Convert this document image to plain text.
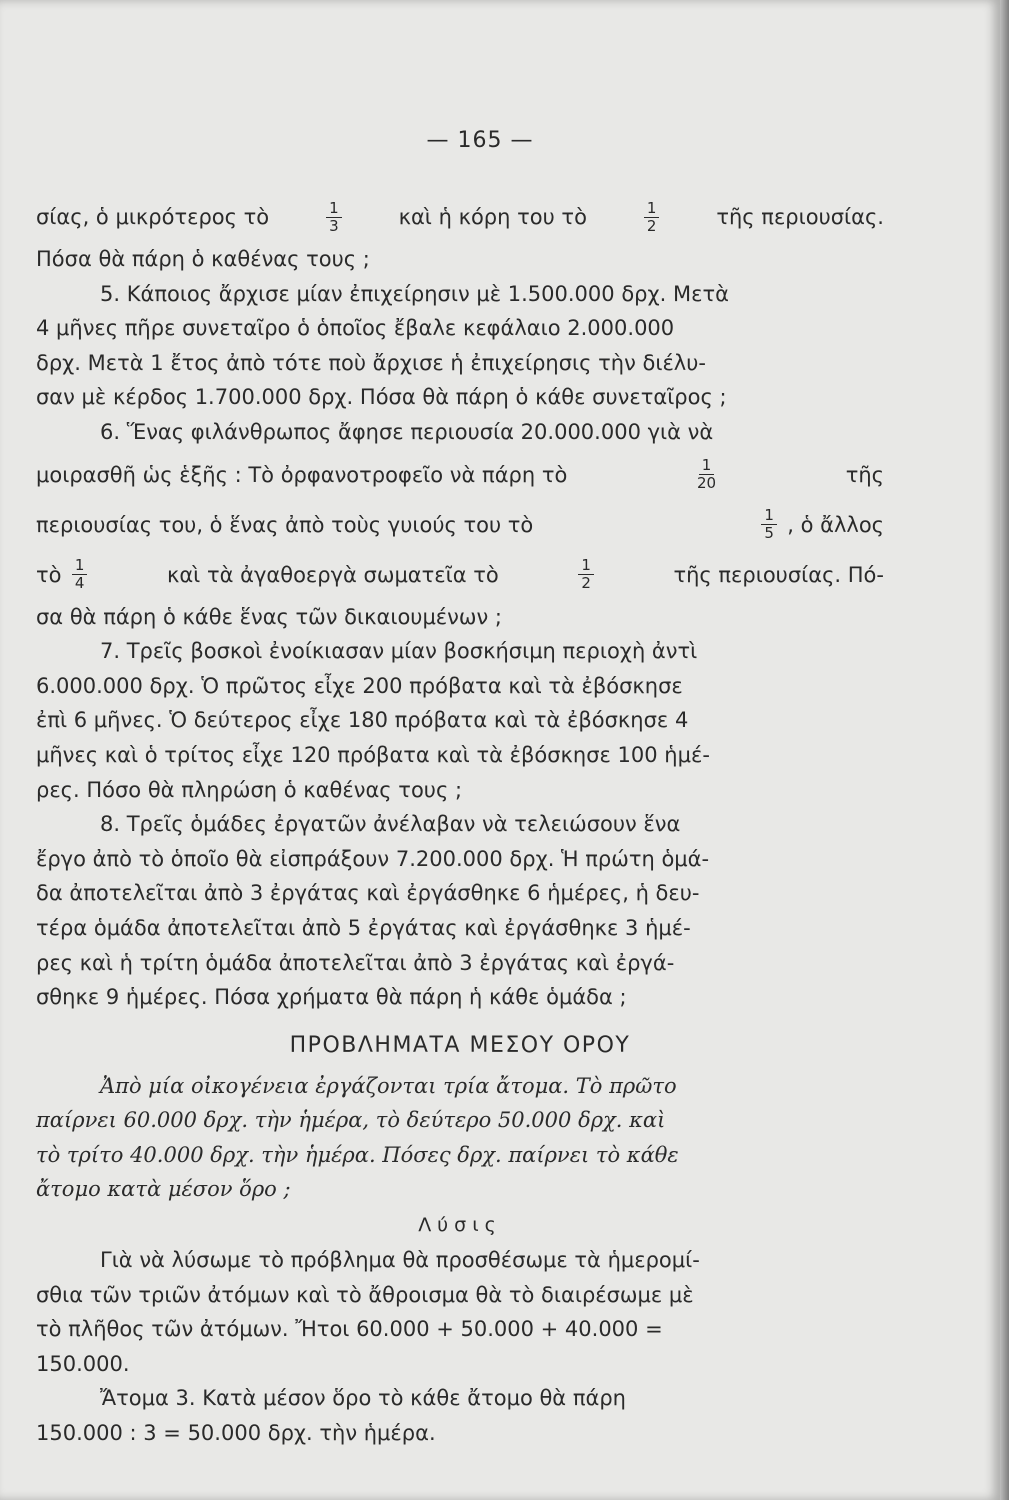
— 165 —
σίας, ὁ μικρότερος τὸ	$\frac{1}{3}$	καὶ ἡ κόρη του τὸ	$\frac{1}{2}$	τῆς περιουσίας.
Πόσα θὰ πάρη ὁ καθένας τους ;
5. Κάποιος ἄρχισε μίαν ἐπιχείρησιν μὲ 1.500.000 δρχ. Μετὰ
4 μῆνες πῆρε συνεταῖρο ὁ ὁποῖος ἔβαλε κεφάλαιο 2.000.000
δρχ. Μετὰ 1 ἔτος ἀπὸ τότε ποὺ ἄρχισε ἡ ἐπιχείρησις τὴν διέλυ-
σαν μὲ κέρδος 1.700.000 δρχ. Πόσα θὰ πάρη ὁ κάθε συνεταῖρος ;
6. Ἕνας φιλάνθρωπος ἄφησε περιουσία 20.000.000 γιὰ νὰ
μοιρασθῆ ὡς ἑξῆς : Τὸ ὀρφανοτροφεῖο νὰ πάρη τὸ	$\frac{1}{20}$	τῆς
περιουσίας του, ὁ ἕνας ἀπὸ τοὺς γυιούς του τὸ	$\frac{1}{5}$ , ὁ ἄλλος
τὸ $\frac{1}{4}$	καὶ τὰ ἀγαθοεργὰ σωματεῖα τὸ	$\frac{1}{2}$	τῆς περιουσίας. Πό-
σα θὰ πάρη ὁ κάθε ἕνας τῶν δικαιουμένων ;
7. Τρεῖς βοσκοὶ ἐνοίκιασαν μίαν βοσκήσιμη περιοχὴ ἀντὶ
6.000.000 δρχ. Ὁ πρῶτος εἶχε 200 πρόβατα καὶ τὰ ἐβόσκησε
ἐπὶ 6 μῆνες. Ὁ δεύτερος εἶχε 180 πρόβατα καὶ τὰ ἐβόσκησε 4
μῆνες καὶ ὁ τρίτος εἶχε 120 πρόβατα καὶ τὰ ἐβόσκησε 100 ἡμέ-
ρες. Πόσο θὰ πληρώση ὁ καθένας τους ;
8. Τρεῖς ὁμάδες ἐργατῶν ἀνέλαβαν νὰ τελειώσουν ἕνα
ἔργο ἀπὸ τὸ ὁποῖο θὰ εἰσπράξουν 7.200.000 δρχ. Ἡ πρώτη ὁμά-
δα ἀποτελεῖται ἀπὸ 3 ἐργάτας καὶ ἐργάσθηκε 6 ἡμέρες, ἡ δευ-
τέρα ὁμάδα ἀποτελεῖται ἀπὸ 5 ἐργάτας καὶ ἐργάσθηκε 3 ἡμέ-
ρες καὶ ἡ τρίτη ὁμάδα ἀποτελεῖται ἀπὸ 3 ἐργάτας καὶ ἐργά-
σθηκε 9 ἡμέρες. Πόσα χρήματα θὰ πάρη ἡ κάθε ὁμάδα ;
ΠΡΟΒΛΗΜΑΤΑ ΜΕΣΟΥ ΟΡΟΥ
Ἀπὸ μία οἰκογένεια ἐργάζονται τρία ἄτομα. Τὸ πρῶτο
παίρνει 60.000 δρχ. τὴν ἡμέρα, τὸ δεύτερο 50.000 δρχ. καὶ
τὸ τρίτο 40.000 δρχ. τὴν ἡμέρα. Πόσες δρχ. παίρνει τὸ κάθε
ἄτομο κατὰ μέσον ὅρο ;
Λύσις
Γιὰ νὰ λύσωμε τὸ πρόβλημα θὰ προσθέσωμε τὰ ἡμερομί-
σθια τῶν τριῶν ἀτόμων καὶ τὸ ἄθροισμα θὰ τὸ διαιρέσωμε μὲ
τὸ πλῆθος τῶν ἀτόμων. Ἤτοι 60.000 + 50.000 + 40.000 =
150.000.
Ἄτομα 3. Κατὰ μέσον ὅρο τὸ κάθε ἄτομο θὰ πάρη
150.000 : 3 = 50.000 δρχ. τὴν ἡμέρα.
